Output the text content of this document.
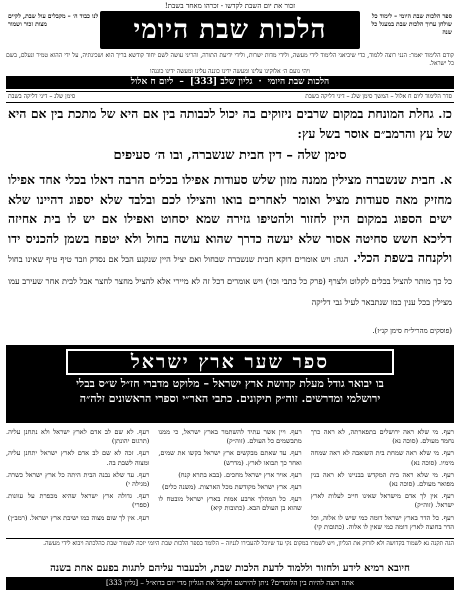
זכור את יום השבת לקדשו - זכרהו מאחד בשבת!
ספר הלכות שבת היומי – לימוד כל שולחן ערוך הלכות שבת במעגל כל שנה
הלכות שבת היומי
תנו לנו כבוד ה׳ – מקבלים עול שבת, לקיים מצות זכור ושמור
קודם הלימוד יאמר: הנני רוצה ללמוד, כדי שיביאני הלימוד לידי מעשה, ולידי מדות ישרות, ולידי ידיעת התורה, והריני עושה לשם יחוד קודשא בריך הוא ושכינתיה, על ידי ההוא טמיר ונעלם, בשם כל ישראל.
ויהי נועם ה׳ אלוקינו עלינו ומעשה ידינו כוננה עלינו ומעשה ידינו כוננהו
הלכות שבת היומי·גליון שלב [333]–ליום ח אלול
סדר הלימוד ליום ח אלול – המשך סימן שלג – דיני דליקה בשבת
סימן שלג – דיני דליקה בשבת
כז. גחלת המונחת במקום שרבים ניזוקים בה יכול לכבותה בין אם היא של מתכת בין אם היא של עץ והרמב״ם אוסר בשל עץ:
סימן שלה – דין חבית שנשברה, ובו ה׳ סעיפים
א. חבית שנשברה מצילין ממנה מזון שלש סעודות אפילו בכלים הרבה דאלו בכלי אחד אפילו מחזיק מאה סעודות מציל ואומר לאחרים בואו והצילו לכם ובלבד שלא יספוג דהיינו שלא ישים הספוג במקום היין לחזור ולהטיפו גזירה שמא יסחוט ואפילו אם יש לו בית אחיזה דליכא חשש סחיטה אסור שלא יעשה כדרך שהוא עושה בחול ולא יטפח בשמן להכניס ידו ולקנחה בשפת הכלי. הגה: ויש אומרים דוקא חבית שנשברה שבחול ואם יציל היין שנקנע הבל אם נסדק וזבד טיף טיף שאינו בחול כל כך מותר להציל בכלים לקלוט ולצרף (פרק כל כתבי וכו׳) ויש אומרים דכל זה לא מיירי אלא להציל מחצר לחצר אבל לבית אחר שעירב עמו מצילין בכל ענין כמו שנתבאר לעיל גבי דליקה
(פוסקים מהריל״ח סימן קנ״ז).
ספר שער ארץ ישראל
בו יבואר גודל מעלת קדושת ארץ ישראל – מלוקט מדברי חז״ל ש״ס בבלי
ירושלמי ומדרשים. זוה״ק תיקונים. כתבי האר״י וספרי הראשונים זלה״ה

רעף. מי שלא ראה ירושלים בתפארתה, לא ראה כרך נחמד מעולם. (סוכה נא)

רעף. מי שלא ראה שמחת בית השואבה לא ראה שמחה מימיו. (סוכה נא)

רעף. מי שלא ראה בית המקדש בבניינו לא ראה בנין מפואר מעולם. (סוכה נא)

רעף. אין לך אדם מישראל שאינו חייב לעלות לארץ ישראל. (זוה״ק)

רעף. כל הדר בארץ ישראל דומה כמי שיש לו אלוה, וכל הדר בחוצה לארץ דומה כמי שאין לו אלוה. (כתובות קי)

רעף. ויין אשר עתיד להשתמר בארץ ישראל, כי ממנו מתבשמים כל העולם. (זוה״ק)

רעף. עד שאתם מבקשים ארץ ישראל בקשו את שמים, ואחר כך תבואו לארץ. (מדרש)

רעף. אויר ארץ ישראל מחכים. (בבא בתרא קנח)

רעף. ארץ ישראל מקודשת מכל הארצות. (משנה כלים)

רעף. כל המהלך ארבע אמות בארץ ישראל מובטח לו שהוא בן העולם הבא. (כתובות קיא)

רעף. לא שם לב אדם לארץ ישראל ולא נתחנן עליה. (תרגום יהונתן)

רעף. זכה לא שם לב אדם לארץ ישראל יתחנן עליה, ומצוה לשבת בה.

רעף. עד שלא נבנה הבית היתה כל ארץ ישראל כשרה. (מגילה י)

רעף. גדולה ארץ ישראל שהיא מכפרת על עוונות. (ספרי)

רעף. אין לך שום מצוה כמו ישיבת ארץ ישראל. (רמב״ן)

הגה תקנה נא לשמור בקדושה ולא לזרוק את הגליון, ויש לשמרו במקום נקי עד שיוכל להעבירו לגניזה – הלומד בספר הלכות שבת היומי יזכה לשמור שבת כהלכתה ויבוא לידי מעשה.
חיובא רמיא לידע ולחזור וללמוד לדעת הלכות שבת, ולבעבור עליהם לתגות בפעם אחת בשנה
אתה רוצה להיות בין הלומדים? ניתן להירשם ולקבל את הגליון מדי יום בדוא״ל – [גליון 333]
